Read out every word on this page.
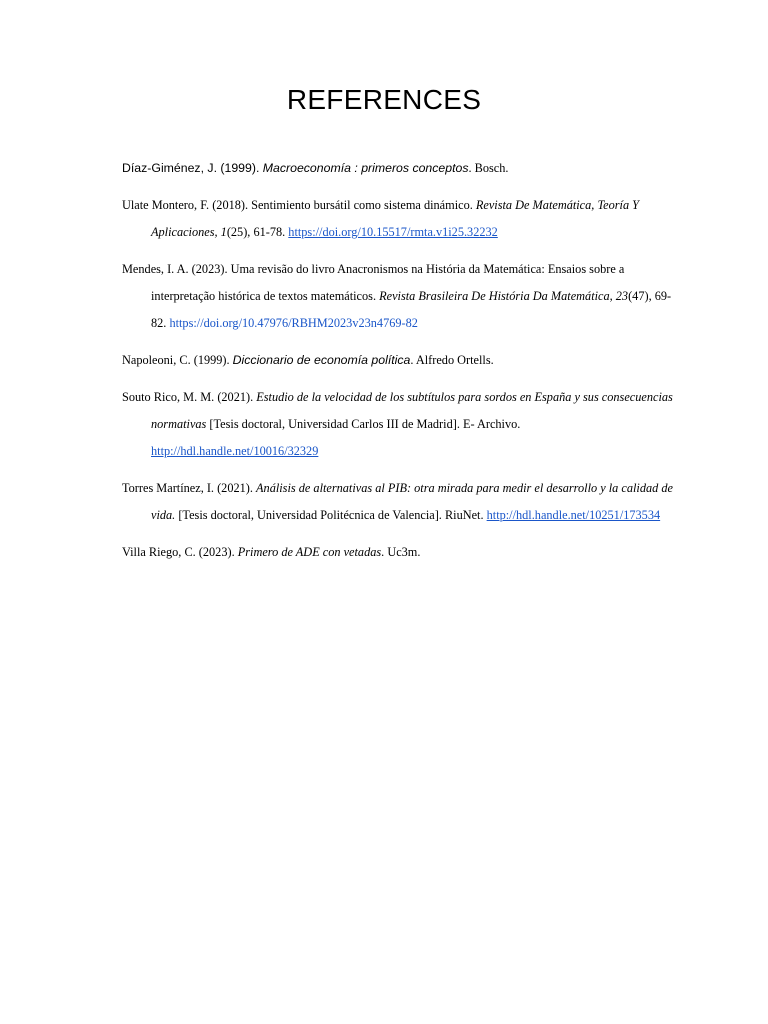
REFERENCES

Díaz-Giménez, J. (1999). Macroeconomía : primeros conceptos. Bosch.

Ulate Montero, F. (2018). Sentimiento bursátil como sistema dinámico. Revista De Matemática, Teoría Y Aplicaciones, 1(25), 61-78. https://doi.org/10.15517/rmta.v1i25.32232

Mendes, I. A. (2023). Uma revisão do livro Anacronismos na História da Matemática: Ensaios sobre a interpretação histórica de textos matemáticos. Revista Brasileira De História Da Matemática, 23(47), 69-82. https://doi.org/10.47976/RBHM2023v23n4769-82

Napoleoni, C. (1999). Diccionario de economía política. Alfredo Ortells.

Souto Rico, M. M. (2021). Estudio de la velocidad de los subtítulos para sordos en España y sus consecuencias normativas [Tesis doctoral, Universidad Carlos III de Madrid]. E- Archivo. http://hdl.handle.net/10016/32329

Torres Martínez, I. (2021). Análisis de alternativas al PIB: otra mirada para medir el desarrollo y la calidad de vida. [Tesis doctoral, Universidad Politécnica de Valencia]. RiuNet. http://hdl.handle.net/10251/173534

Villa Riego, C. (2023). Primero de ADE con vetadas. Uc3m.
